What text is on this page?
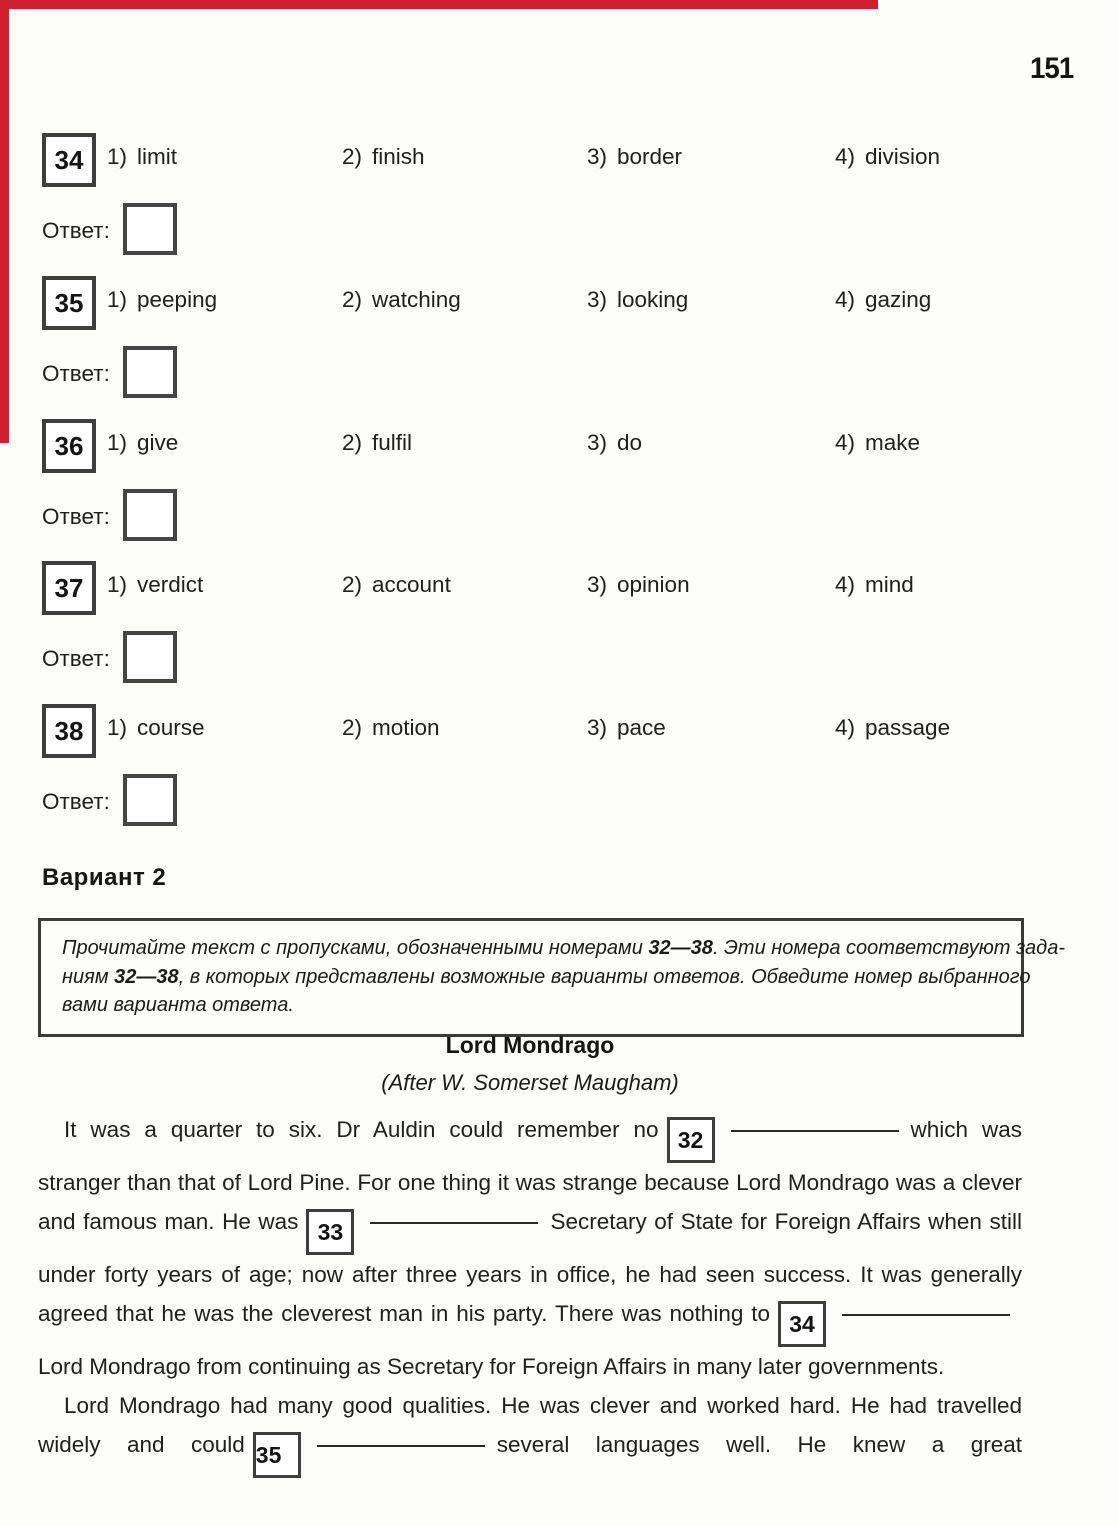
151
34	1) limit	2) finish	3) border	4) division
Ответ:
35	1) peeping	2) watching	3) looking	4) gazing
Ответ:
36	1) give	2) fulfil	3) do	4) make
Ответ:
37	1) verdict	2) account	3) opinion	4) mind
Ответ:
38	1) course	2) motion	3) pace	4) passage
Ответ:
Вариант 2
Прочитайте текст с пропусками, обозначенными номерами 32—38. Эти номера соответствуют зада-
ниям 32—38, в которых представлены возможные варианты ответов. Обведите номер выбранного
вами варианта ответа.
Lord Mondrago
(After W. Somerset Maugham)

It was a quarter to six. Dr Auldin could remember no 32	which was stranger than that of Lord Pine. For one thing it was strange because Lord Mondrago was a clever and famous man. He was 33	Secretary of State for Foreign Affairs when still under forty years of age; now after three years in office, he had seen success. It was generally agreed that he was the cleverest man in his party. There was nothing to 34Lord Mondrago from continuing as Secretary for Foreign Affairs in many later governments.

Lord Mondrago had many good qualities. He was clever and worked hard. He had travelled widely and could 35	several languages well. He knew a great
